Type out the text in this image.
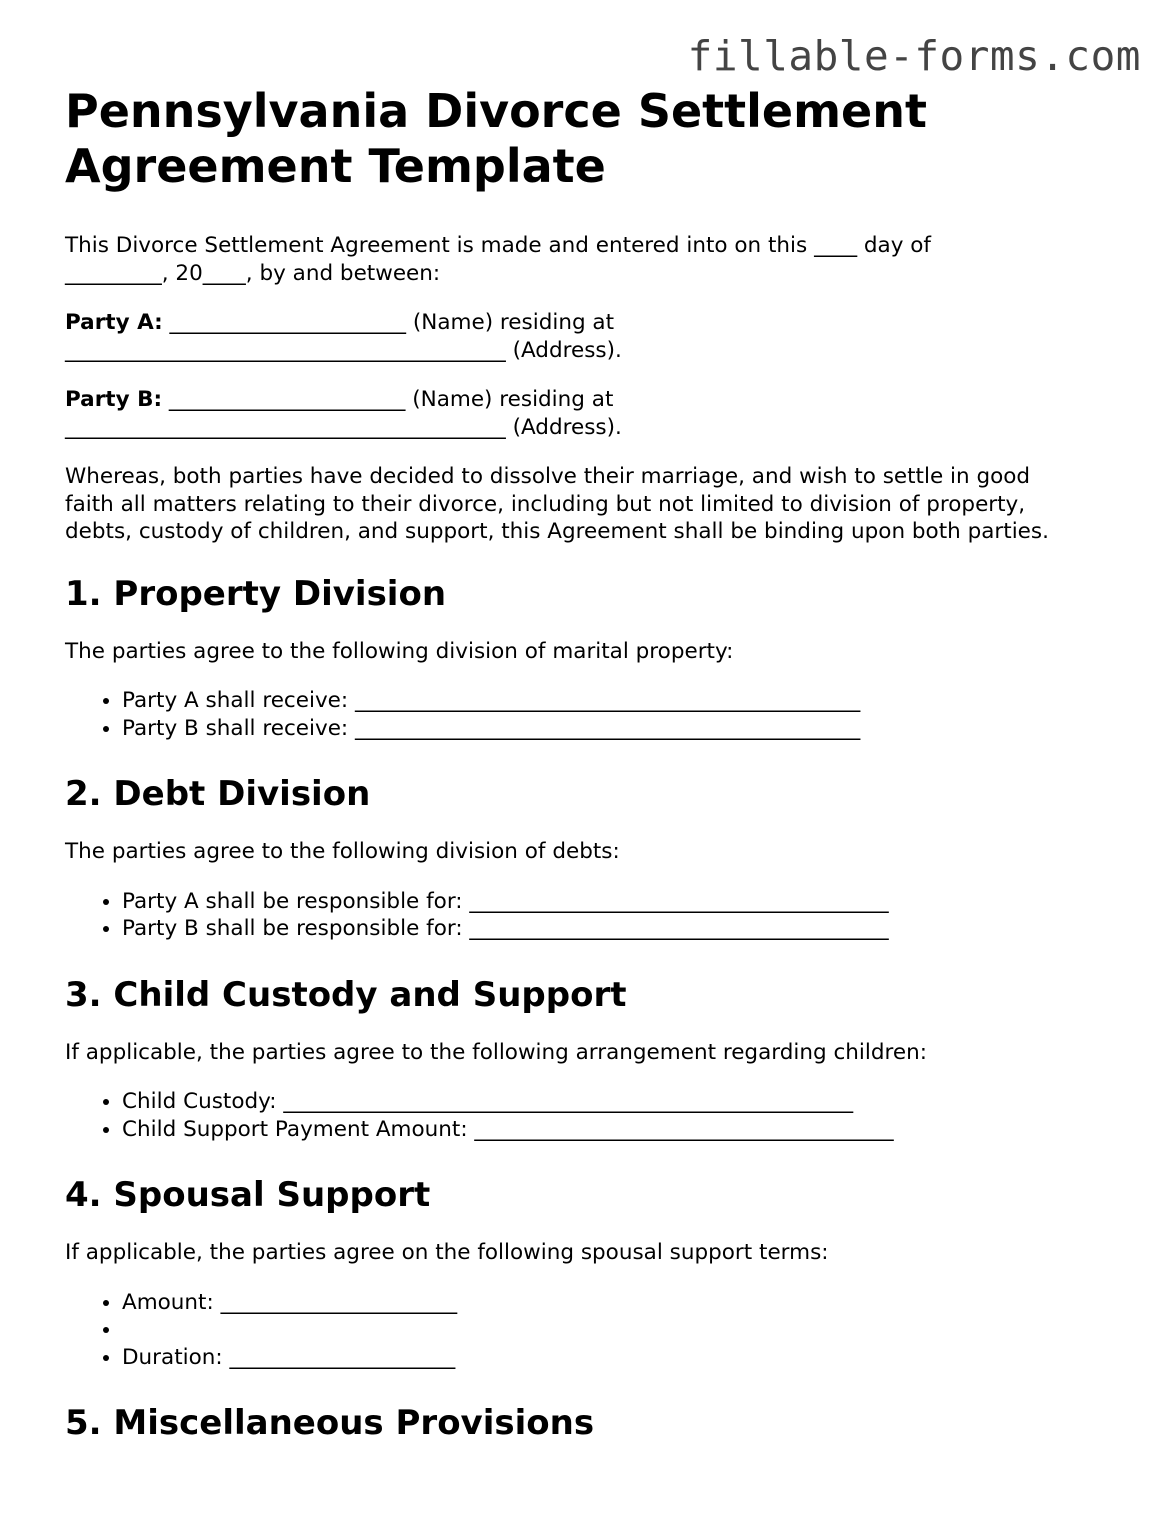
fillable-forms.com
Pennsylvania Divorce Settlement Agreement Template

This Divorce Settlement Agreement is made and entered into on this ____ day of
_________, 20____, by and between:

Party A: ______________________ (Name) residing at
_________________________________________ (Address).

Party B: ______________________ (Name) residing at
_________________________________________ (Address).

Whereas, both parties have decided to dissolve their marriage, and wish to settle in good
faith all matters relating to their divorce, including but not limited to division of property,
debts, custody of children, and support, this Agreement shall be binding upon both parties.

1. Property Division

The parties agree to the following division of marital property:

• Party A shall receive: _______________________________________________
• Party B shall receive: _______________________________________________
2. Debt Division

The parties agree to the following division of debts:

• Party A shall be responsible for: _______________________________________
• Party B shall be responsible for: _______________________________________
3. Child Custody and Support

If applicable, the parties agree to the following arrangement regarding children:

• Child Custody: _____________________________________________________
• Child Support Payment Amount: _______________________________________
4. Spousal Support

If applicable, the parties agree on the following spousal support terms:

• Amount: ______________________
•
• Duration: _____________________
5. Miscellaneous Provisions
